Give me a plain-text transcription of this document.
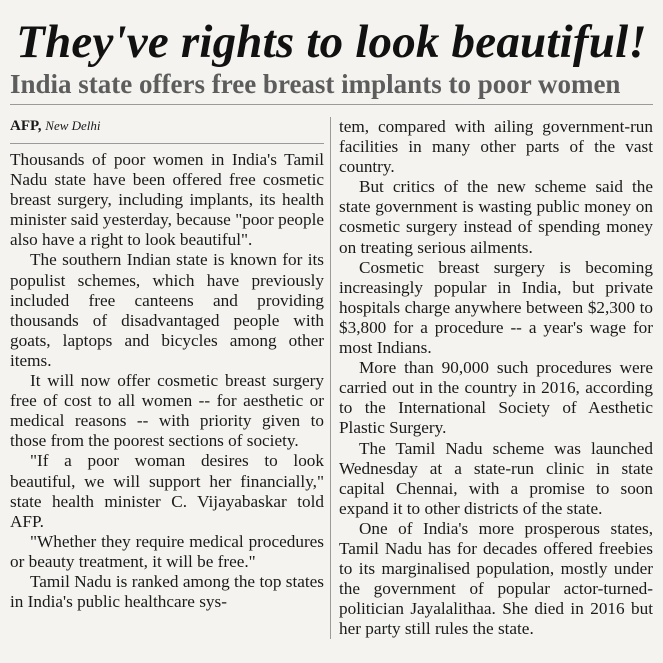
They've rights to look beautiful!
India state offers free breast implants to poor women
AFP, New Delhi

Thousands of poor women in India's Tamil Nadu state have been offered free cosmetic breast surgery, including implants, its health minister said yesterday, because "poor people also have a right to look beautiful".

The southern Indian state is known for its populist schemes, which have previously included free canteens and providing thousands of disadvantaged people with goats, laptops and bicycles among other items.

It will now offer cosmetic breast surgery free of cost to all women -- for aesthetic or medical reasons -- with priority given to those from the poorest sections of society.

"If a poor woman desires to look beautiful, we will support her financially," state health minister C. Vijayabaskar told AFP.

"Whether they require medical procedures or beauty treatment, it will be free."

Tamil Nadu is ranked among the top states in India's public healthcare sys-

tem, compared with ailing government-run facilities in many other parts of the vast country.

But critics of the new scheme said the state government is wasting public money on cosmetic surgery instead of spending money on treating serious ailments.

Cosmetic breast surgery is becoming increasingly popular in India, but private hospitals charge anywhere between $2,300 to $3,800 for a procedure -- a year's wage for most Indians.

More than 90,000 such procedures were carried out in the country in 2016, according to the International Society of Aesthetic Plastic Surgery.

The Tamil Nadu scheme was launched Wednesday at a state-run clinic in state capital Chennai, with a promise to soon expand it to other districts of the state.

One of India's more prosperous states, Tamil Nadu has for decades offered freebies to its marginalised population, mostly under the government of popular actor-turned-politician Jayalalithaa. She died in 2016 but her party still rules the state.
